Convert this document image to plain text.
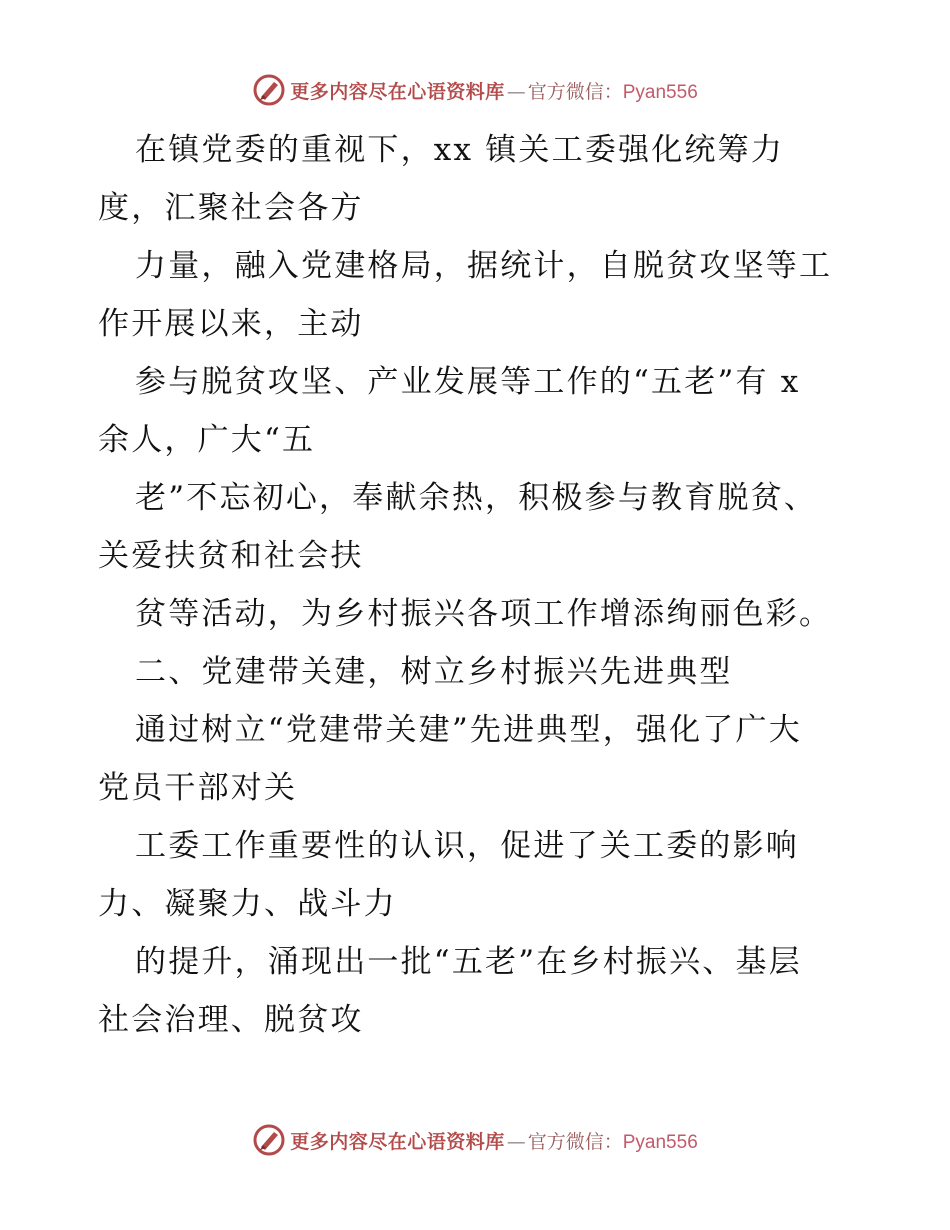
更多内容尽在心语资料库 — 官方微信： Pyan556
在镇党委的重视下，xx 镇关工委强化统筹力
度，汇聚社会各方
力量，融入党建格局，据统计，自脱贫攻坚等工
作开展以来，主动
参与脱贫攻坚、产业发展等工作的“五老”有 x
余人，广大“五
老”不忘初心，奉献余热，积极参与教育脱贫、
关爱扶贫和社会扶
贫等活动，为乡村振兴各项工作增添绚丽色彩。
二、党建带关建，树立乡村振兴先进典型
通过树立“党建带关建”先进典型，强化了广大
党员干部对关
工委工作重要性的认识，促进了关工委的影响
力、凝聚力、战斗力
的提升，涌现出一批“五老”在乡村振兴、基层
社会治理、脱贫攻
更多内容尽在心语资料库 — 官方微信： Pyan556
